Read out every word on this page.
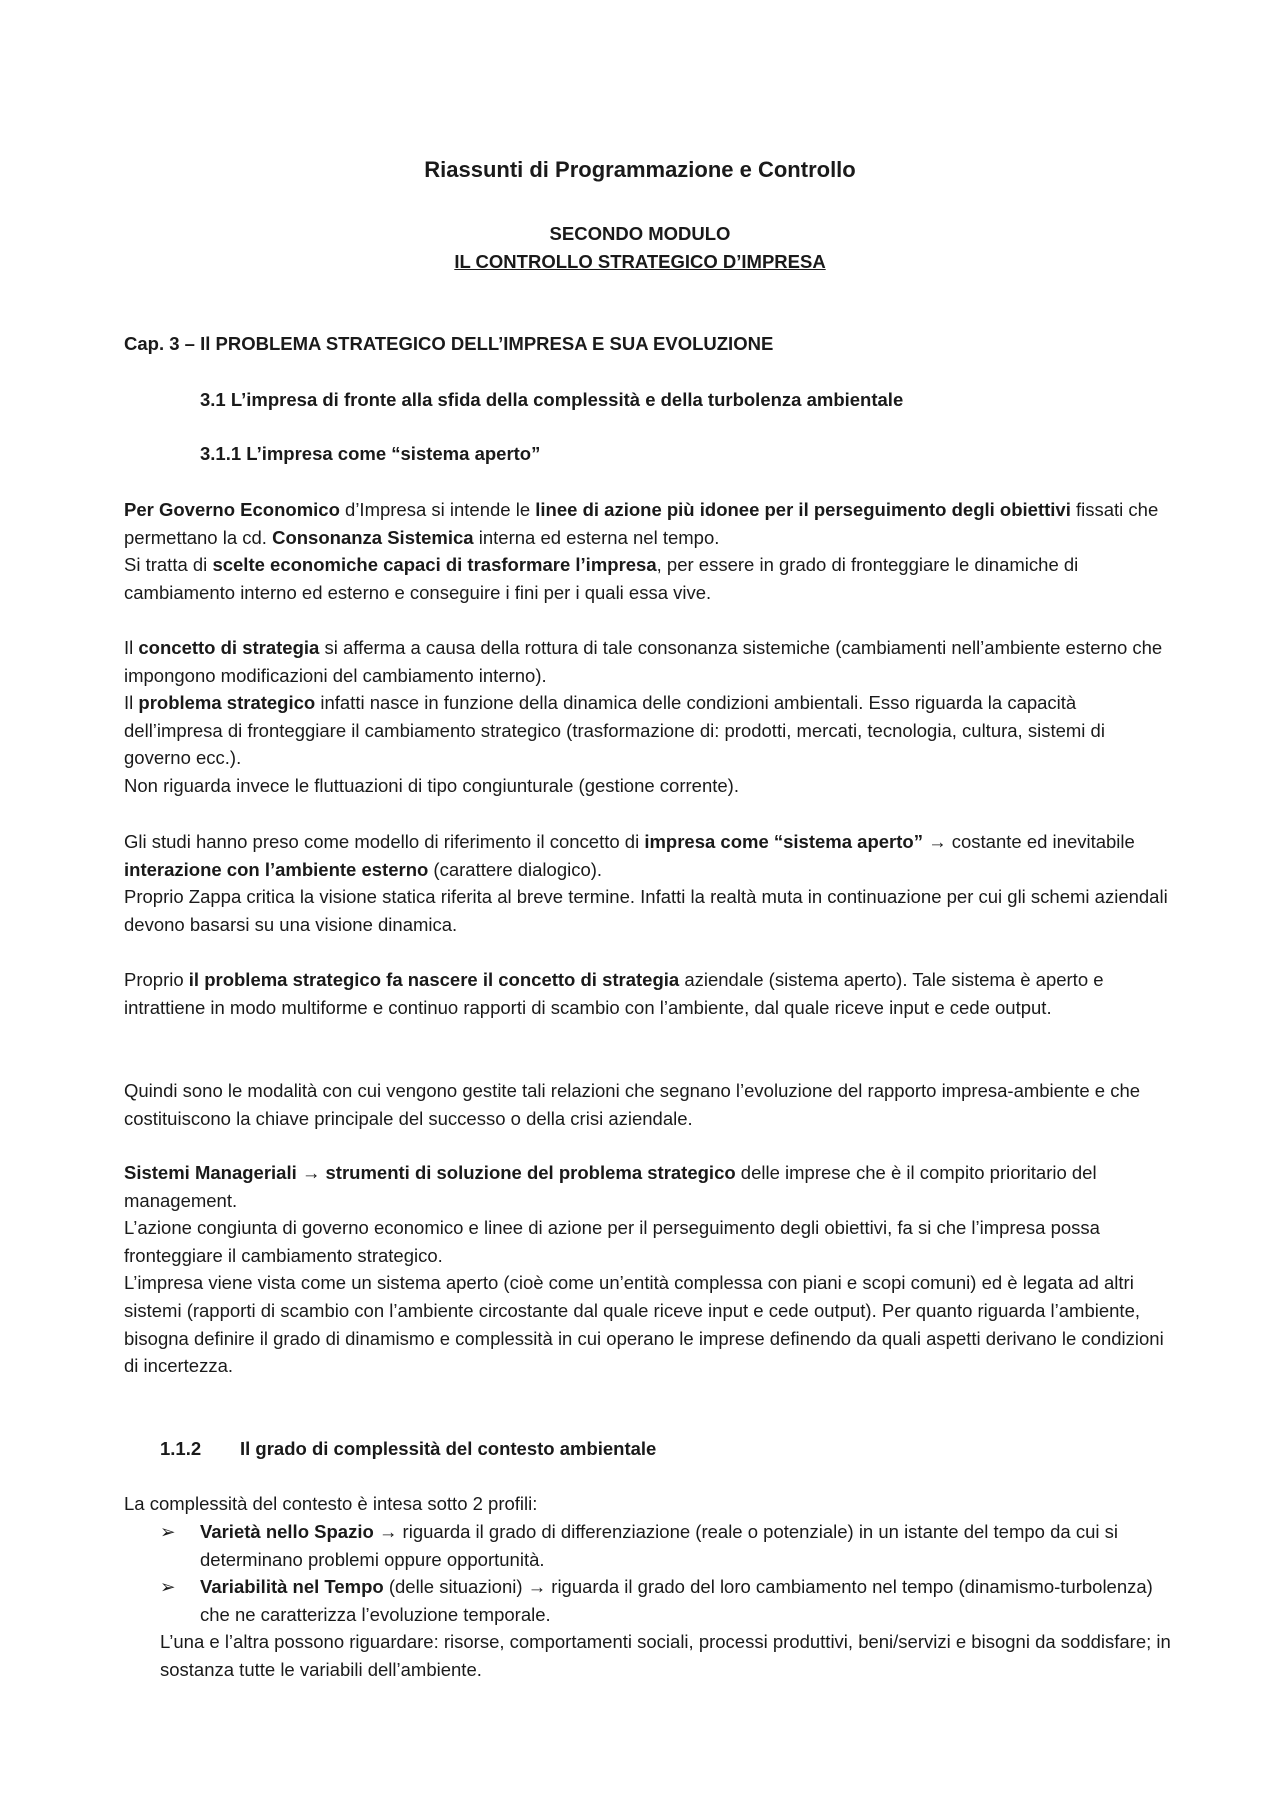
Riassunti di Programmazione e Controllo
SECONDO MODULO
IL CONTROLLO STRATEGICO D’IMPRESA
Cap. 3 – Il PROBLEMA STRATEGICO DELL’IMPRESA E SUA EVOLUZIONE
3.1 L’impresa di fronte alla sfida della complessità e della turbolenza ambientale
3.1.1 L’impresa come “sistema aperto”

Per Governo Economico d’Impresa si intende le linee di azione più idonee per il perseguimento degli obiettivi fissati che permettano la cd. Consonanza Sistemica interna ed esterna nel tempo.

Si tratta di scelte economiche capaci di trasformare l’impresa, per essere in grado di fronteggiare le dinamiche di cambiamento interno ed esterno e conseguire i fini per i quali essa vive.

Il concetto di strategia si afferma a causa della rottura di tale consonanza sistemiche (cambiamenti nell’ambiente esterno che impongono modificazioni del cambiamento interno).

Il problema strategico infatti nasce in funzione della dinamica delle condizioni ambientali. Esso riguarda la capacità dell’impresa di fronteggiare il cambiamento strategico (trasformazione di: prodotti, mercati, tecnologia, cultura, sistemi di governo ecc.).

Non riguarda invece le fluttuazioni di tipo congiunturale (gestione corrente).

Gli studi hanno preso come modello di riferimento il concetto di impresa come “sistema aperto” → costante ed inevitabile interazione con l’ambiente esterno (carattere dialogico).

Proprio Zappa critica la visione statica riferita al breve termine. Infatti la realtà muta in continuazione per cui gli schemi aziendali devono basarsi su una visione dinamica.

Proprio il problema strategico fa nascere il concetto di strategia aziendale (sistema aperto). Tale sistema è aperto e intrattiene in modo multiforme e continuo rapporti di scambio con l’ambiente, dal quale riceve input e cede output.

Quindi sono le modalità con cui vengono gestite tali relazioni che segnano l’evoluzione del rapporto impresa-ambiente e che costituiscono la chiave principale del successo o della crisi aziendale.

Sistemi Manageriali → strumenti di soluzione del problema strategico delle imprese che è il compito prioritario del management.

L’azione congiunta di governo economico e linee di azione per il perseguimento degli obiettivi, fa si che l’impresa possa fronteggiare il cambiamento strategico.

L’impresa viene vista come un sistema aperto (cioè come un’entità complessa con piani e scopi comuni) ed è legata ad altri sistemi (rapporti di scambio con l’ambiente circostante dal quale riceve input e cede output). Per quanto riguarda l’ambiente, bisogna definire il grado di dinamismo e complessità in cui operano le imprese definendo da quali aspetti derivano le condizioni di incertezza.

1.1.2 Il grado di complessità del contesto ambientale
La complessità del contesto è intesa sotto 2 profili:
➢ Varietà nello Spazio → riguarda il grado di differenziazione (reale o potenziale) in un istante del tempo da cui si determinano problemi oppure opportunità.
➢ Variabilità nel Tempo (delle situazioni) → riguarda il grado del loro cambiamento nel tempo (dinamismo-turbolenza) che ne caratterizza l’evoluzione temporale.
L’una e l’altra possono riguardare: risorse, comportamenti sociali, processi produttivi, beni/servizi e bisogni da soddisfare; in sostanza tutte le variabili dell’ambiente.
